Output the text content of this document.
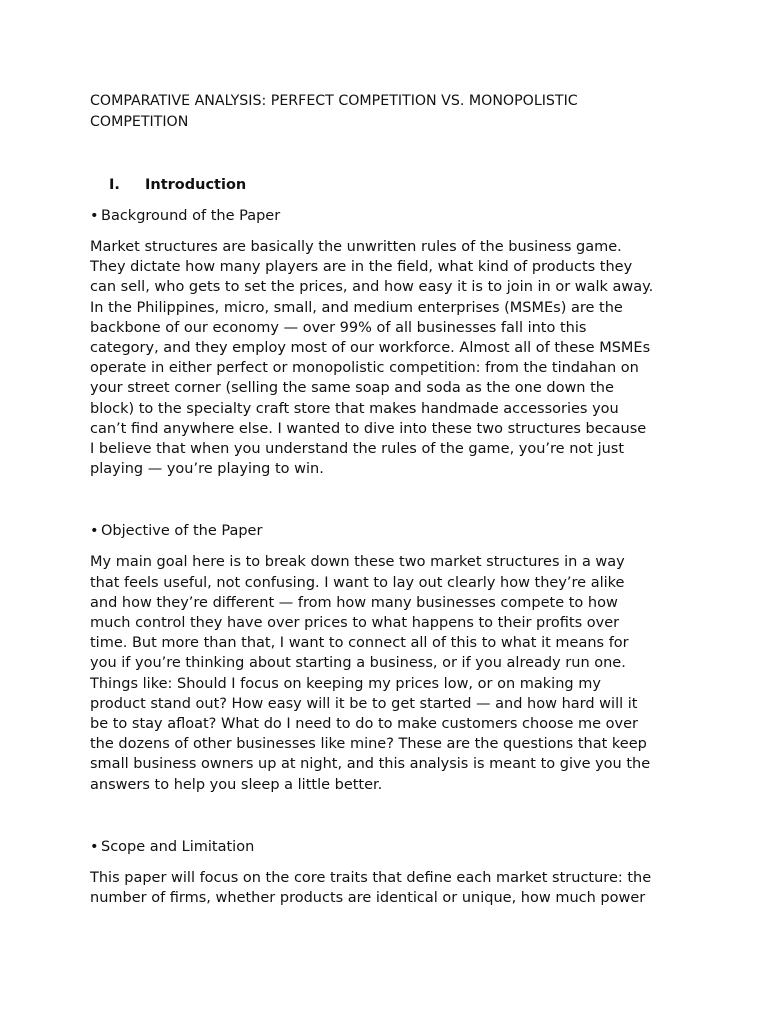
COMPARATIVE ANALYSIS: PERFECT COMPETITION VS. MONOPOLISTIC COMPETITION

I.	Introduction
• Background of the Paper

Market structures are basically the unwritten rules of the business game.
They dictate how many players are in the field, what kind of products they
can sell, who gets to set the prices, and how easy it is to join in or walk away.
In the Philippines, micro, small, and medium enterprises (MSMEs) are the
backbone of our economy — over 99% of all businesses fall into this
category, and they employ most of our workforce. Almost all of these MSMEs
operate in either perfect or monopolistic competition: from the tindahan on
your street corner (selling the same soap and soda as the one down the
block) to the specialty craft store that makes handmade accessories you
can’t find anywhere else. I wanted to dive into these two structures because
I believe that when you understand the rules of the game, you’re not just
playing — you’re playing to win.

• Objective of the Paper

My main goal here is to break down these two market structures in a way
that feels useful, not confusing. I want to lay out clearly how they’re alike
and how they’re different — from how many businesses compete to how
much control they have over prices to what happens to their profits over
time. But more than that, I want to connect all of this to what it means for
you if you’re thinking about starting a business, or if you already run one.
Things like: Should I focus on keeping my prices low, or on making my
product stand out? How easy will it be to get started — and how hard will it
be to stay afloat? What do I need to do to make customers choose me over
the dozens of other businesses like mine? These are the questions that keep
small business owners up at night, and this analysis is meant to give you the
answers to help you sleep a little better.

• Scope and Limitation

This paper will focus on the core traits that define each market structure: the
number of firms, whether products are identical or unique, how much power
